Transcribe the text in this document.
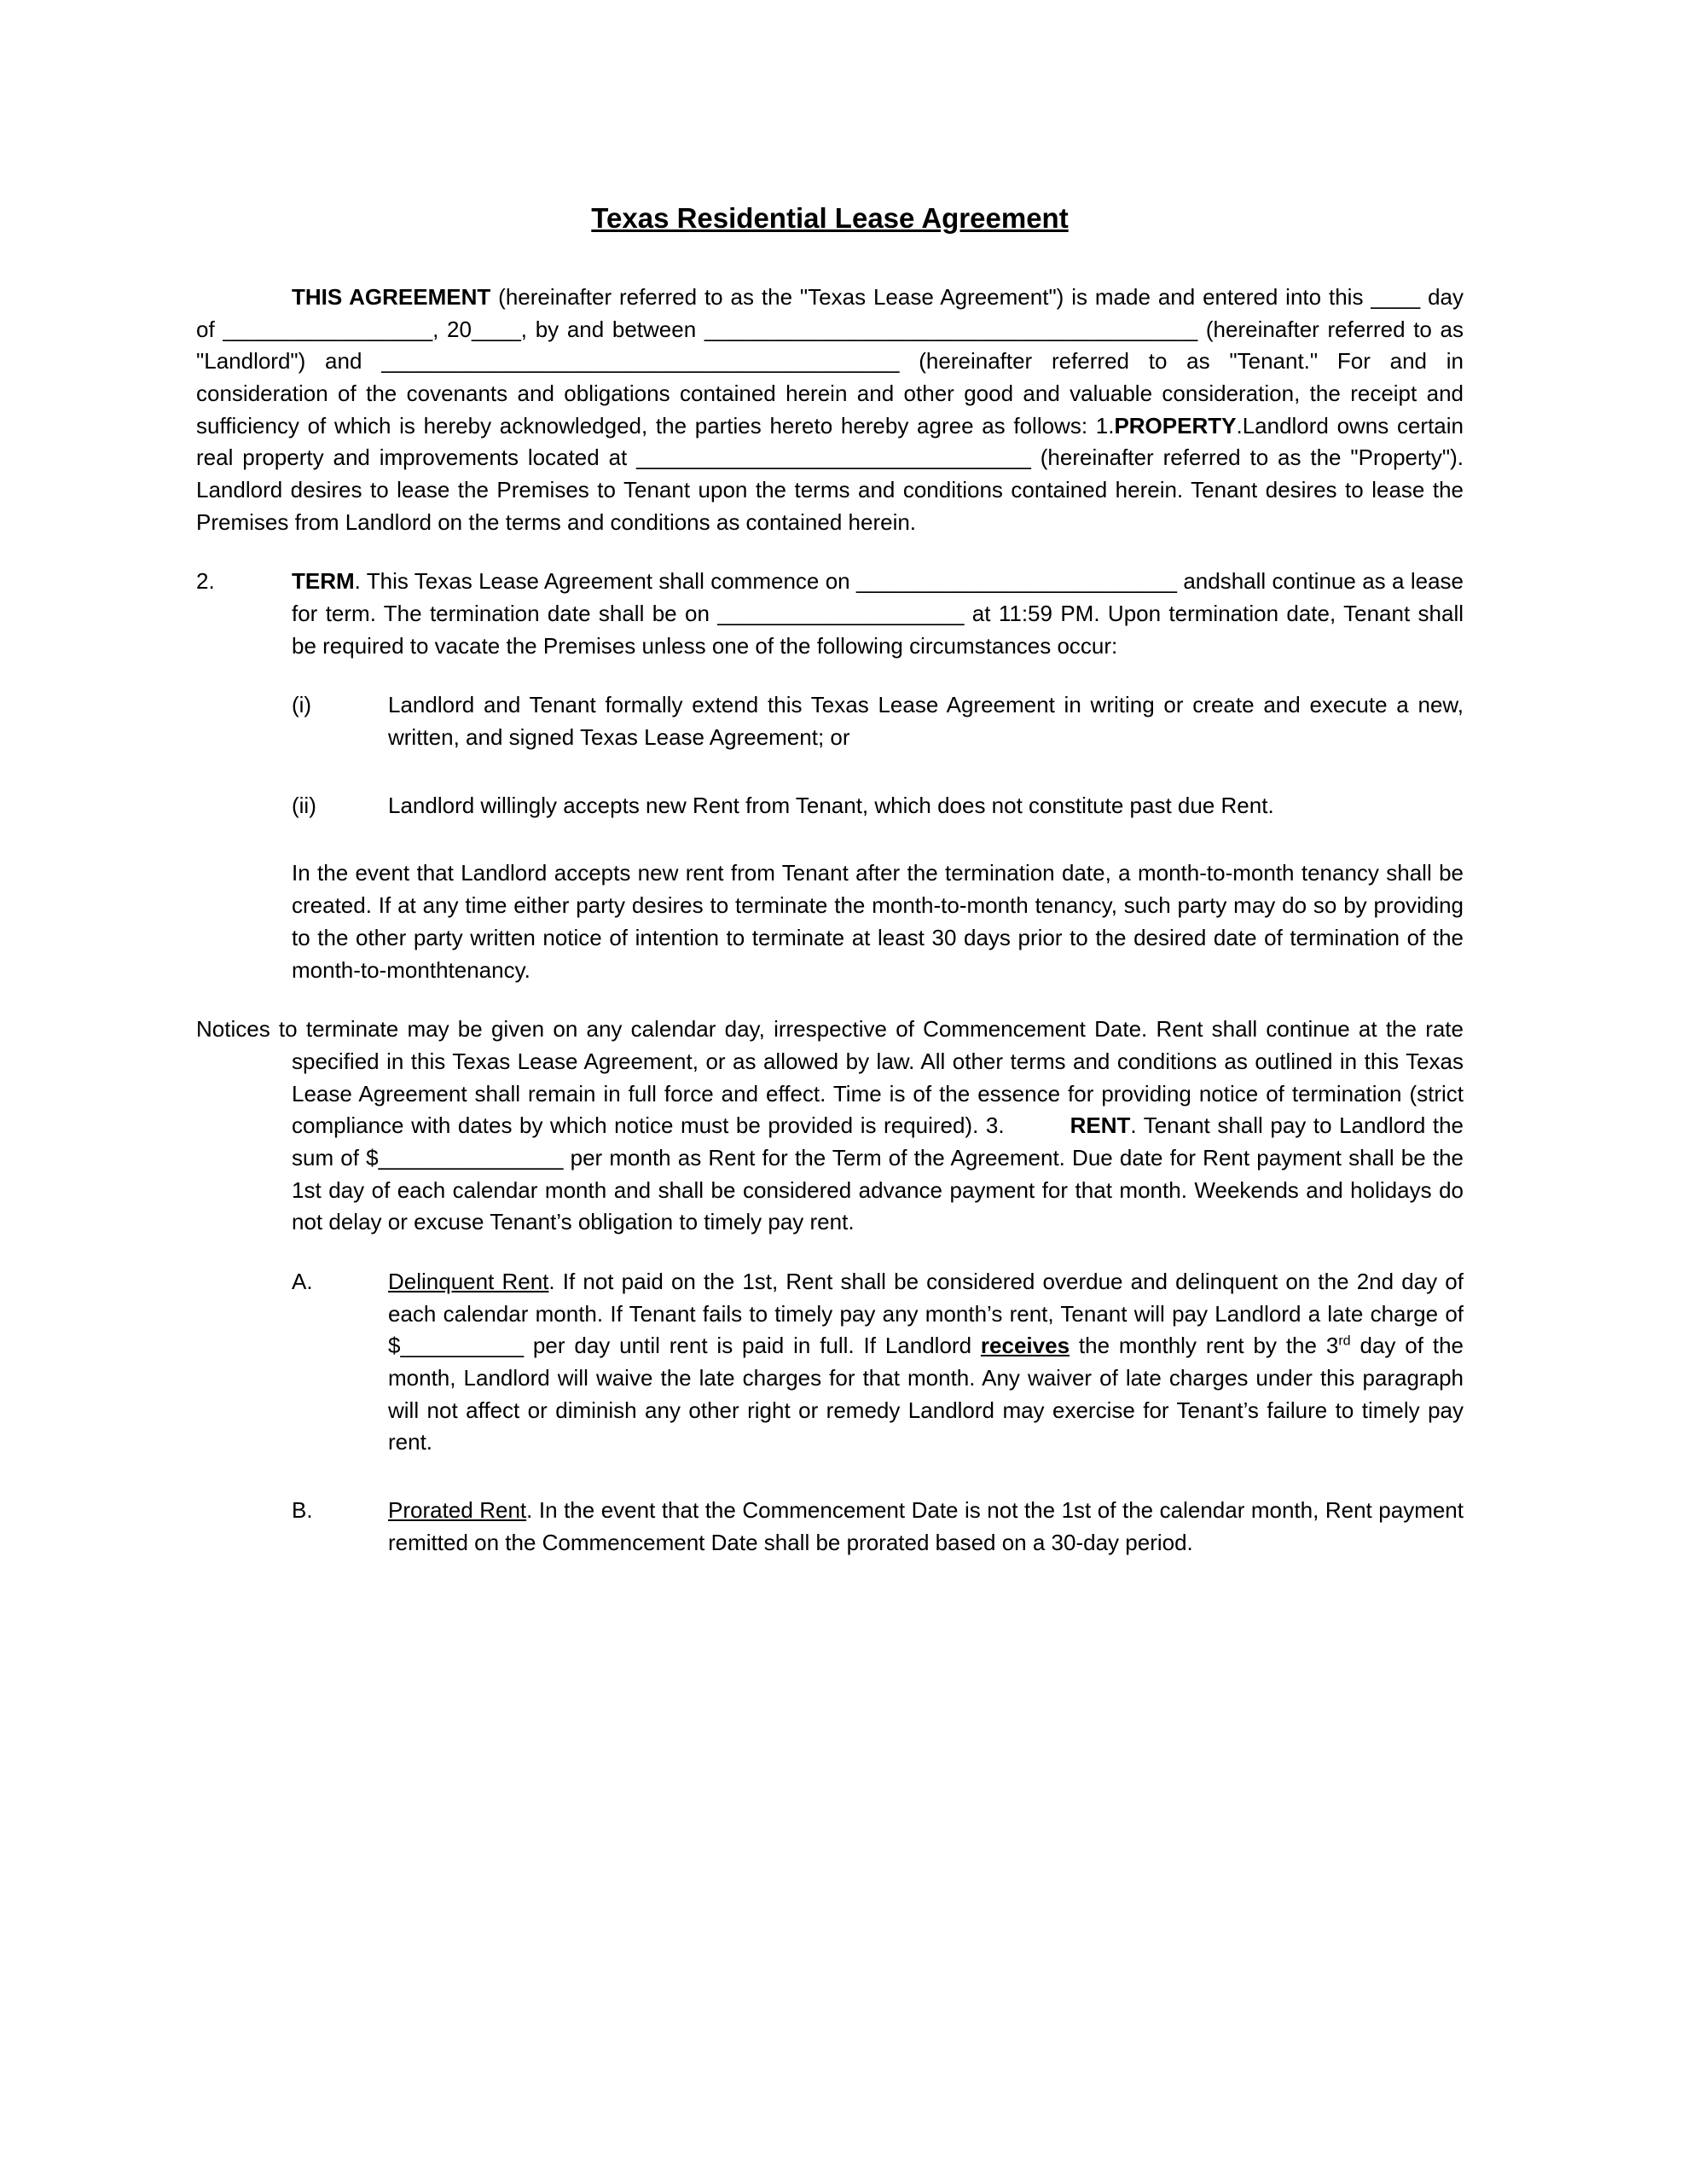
Texas Residential Lease Agreement

THIS AGREEMENT (hereinafter referred to as the "Texas Lease Agreement") is made and entered into this ____ day of _________________, 20____, by and between ________________________________________ (hereinafter referred to as "Landlord") and __________________________________________ (hereinafter referred to as "Tenant." For and in consideration of the covenants and obligations contained herein and other good and valuable consideration, the receipt and sufficiency of which is hereby acknowledged, the parties hereto hereby agree as follows: 1.PROPERTY.Landlord owns certain real property and improvements located at ________________________________ (hereinafter referred to as the "Property"). Landlord desires to lease the Premises to Tenant upon the terms and conditions contained herein. Tenant desires to lease the Premises from Landlord on the terms and conditions as contained herein.

2.	TERM. This Texas Lease Agreement shall commence on __________________________ andshall continue as a lease for term. The termination date shall be on ____________________ at 11:59 PM. Upon termination date, Tenant shall be required to vacate the Premises unless one of the following circumstances occur:
(i)	Landlord and Tenant formally extend this Texas Lease Agreement in writing or create and execute a new, written, and signed Texas Lease Agreement; or
(ii)	Landlord willingly accepts new Rent from Tenant, which does not constitute past due Rent.

In the event that Landlord accepts new rent from Tenant after the termination date, a month-to-month tenancy shall be created. If at any time either party desires to terminate the month-to-month tenancy, such party may do so by providing to the other party written notice of intention to terminate at least 30 days prior to the desired date of termination of the month-to-monthtenancy.

Notices to terminate may be given on any calendar day, irrespective of Commencement Date. Rent shall continue at the rate specified in this Texas Lease Agreement, or as allowed by law. All other terms and conditions as outlined in this Texas Lease Agreement shall remain in full force and effect. Time is of the essence for providing notice of termination (strict compliance with dates by which notice must be provided is required). 3.         RENT. Tenant shall pay to Landlord the sum of $_______________ per month as Rent for the Term of the Agreement. Due date for Rent payment shall be the 1st day of each calendar month and shall be considered advance payment for that month. Weekends and holidays do not delay or excuse Tenant’s obligation to timely pay rent.

A.	Delinquent Rent. If not paid on the 1st, Rent shall be considered overdue and delinquent on the 2nd day of each calendar month. If Tenant fails to timely pay any month’s rent, Tenant will pay Landlord a late charge of $__________ per day until rent is paid in full. If Landlord receives the monthly rent by the 3rd day of the month, Landlord will waive the late charges for that month. Any waiver of late charges under this paragraph will not affect or diminish any other right or remedy Landlord may exercise for Tenant’s failure to timely pay rent.
B.	Prorated Rent. In the event that the Commencement Date is not the 1st of the calendar month, Rent payment remitted on the Commencement Date shall be prorated based on a 30-day period.
